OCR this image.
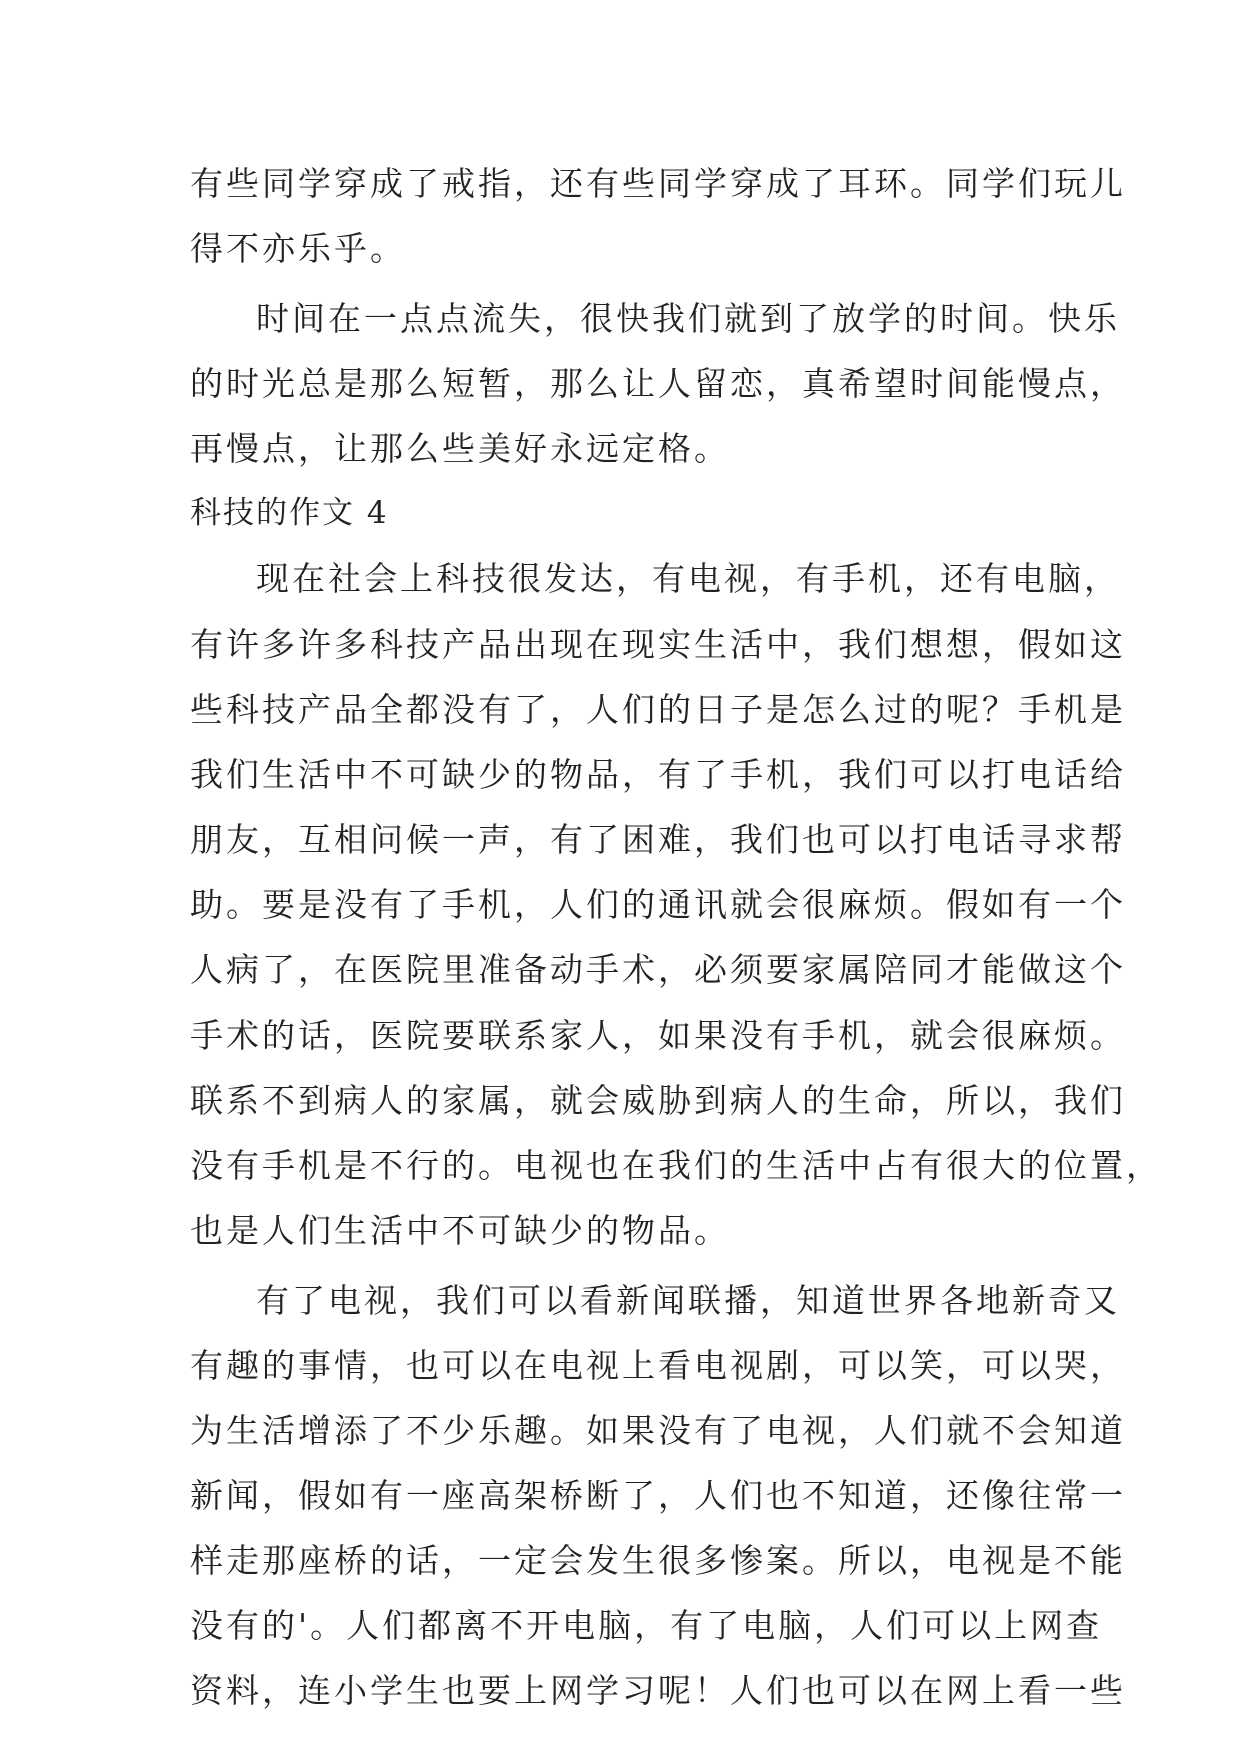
有些同学穿成了戒指，还有些同学穿成了耳环。同学们玩儿
得不亦乐乎。
时间在一点点流失，很快我们就到了放学的时间。快乐
的时光总是那么短暂，那么让人留恋，真希望时间能慢点，
再慢点，让那么些美好永远定格。
科技的作文 4
现在社会上科技很发达，有电视，有手机，还有电脑，
有许多许多科技产品出现在现实生活中，我们想想，假如这
些科技产品全都没有了，人们的日子是怎么过的呢？手机是
我们生活中不可缺少的物品，有了手机，我们可以打电话给
朋友，互相问候一声，有了困难，我们也可以打电话寻求帮
助。要是没有了手机，人们的通讯就会很麻烦。假如有一个
人病了，在医院里准备动手术，必须要家属陪同才能做这个
手术的话，医院要联系家人，如果没有手机，就会很麻烦。
联系不到病人的家属，就会威胁到病人的生命，所以，我们
没有手机是不行的。电视也在我们的生活中占有很大的位置，
也是人们生活中不可缺少的物品。
有了电视，我们可以看新闻联播，知道世界各地新奇又
有趣的事情，也可以在电视上看电视剧，可以笑，可以哭，
为生活增添了不少乐趣。如果没有了电视，人们就不会知道
新闻，假如有一座高架桥断了，人们也不知道，还像往常一
样走那座桥的话，一定会发生很多惨案。所以，电视是不能
没有的'。人们都离不开电脑，有了电脑，人们可以上网查
资料，连小学生也要上网学习呢！人们也可以在网上看一些
